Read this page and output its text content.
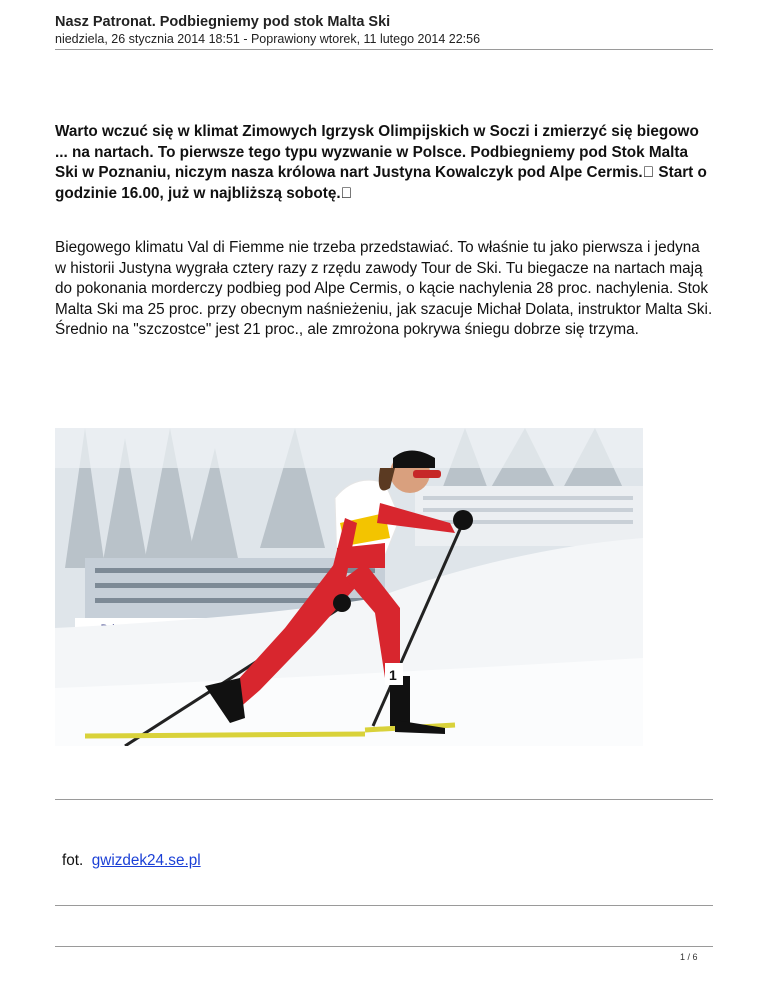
Nasz Patronat. Podbiegniemy pod stok Malta Ski
niedziela, 26 stycznia 2014 18:51 - Poprawiony wtorek, 11 lutego 2014 22:56
Warto wczuć się w klimat Zimowych Igrzysk Olimpijskich w Soczi i zmierzyć się biegowo ... na nartach. To pierwsze tego typu wyzwanie w Polsce. Podbiegniemy pod Stok Malta Ski w Poznaniu, niczym nasza królowa nart Justyna Kowalczyk pod Alpe Cermis.  Start o godzinie 16.00, już w najbliższą sobotę. 
Biegowego klimatu Val di Fiemme nie trzeba przedstawiać. To właśnie tu jako pierwsza i jedyna w historii Justyna wygrała cztery razy z rzędu zawody Tour de Ski. Tu biegacze na nartach mają do pokonania morderczy podbieg pod Alpe Cermis, o kącie nachylenia 28 proc. nachylenia. Stok Malta Ski ma 25 proc. przy obecnym naśnieżeniu, jak szacuje Michał Dolata, instruktor Malta Ski. Średnio na "szczostce" jest 21 proc., ale zmrożona pokrywa śniegu dobrze się trzyma.
1
fot. gwizdek24.se.pl
1 / 6
